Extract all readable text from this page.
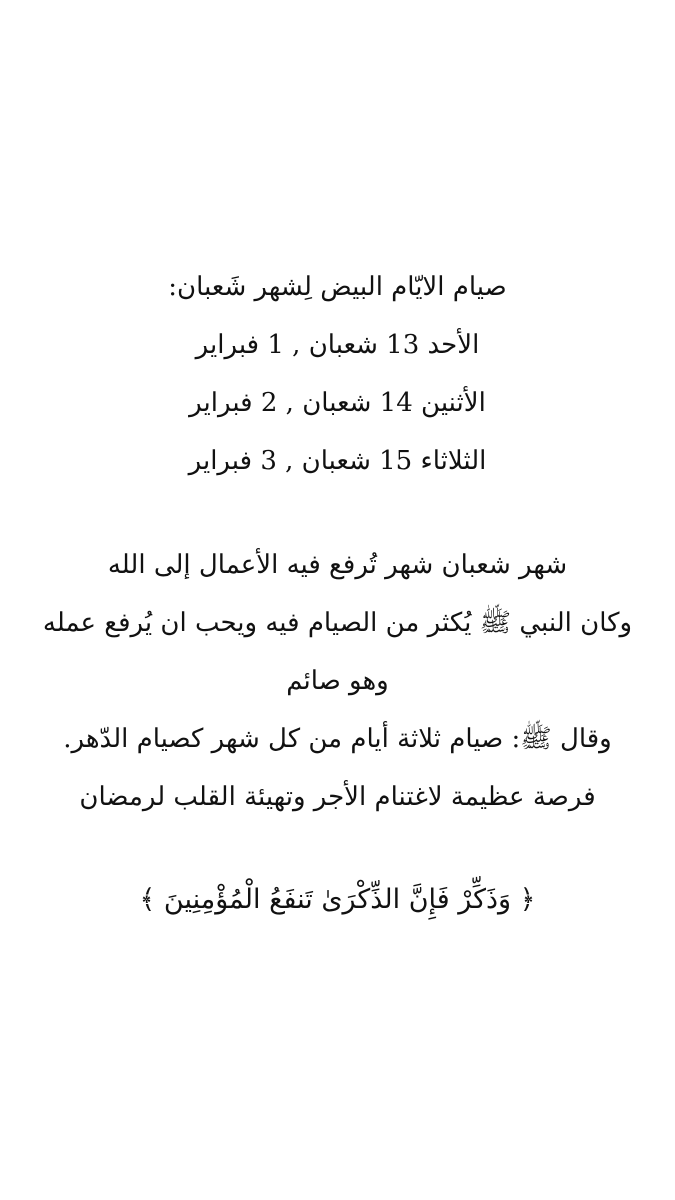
صيام الايّام البيض لِشهر شَعبان:
الأحد 13 شعبان , 1 فبراير
الأثنين 14 شعبان , 2 فبراير
الثلاثاء 15 شعبان , 3 فبراير
شهر شعبان شهر تُرفع فيه الأعمال إلى الله
وكان النبي ﷺ يُكثر من الصيام فيه ويحب ان يُرفع عمله وهو صائم
وقال ﷺ: صيام ثلاثة أيام من كل شهر كصيام الدّهر.
فرصة عظيمة لاغتنام الأجر وتهيئة القلب لرمضان
﴿ وَذَكِّرْ فَإِنَّ الذِّكْرَىٰ تَنفَعُ الْمُؤْمِنِينَ ﴾
